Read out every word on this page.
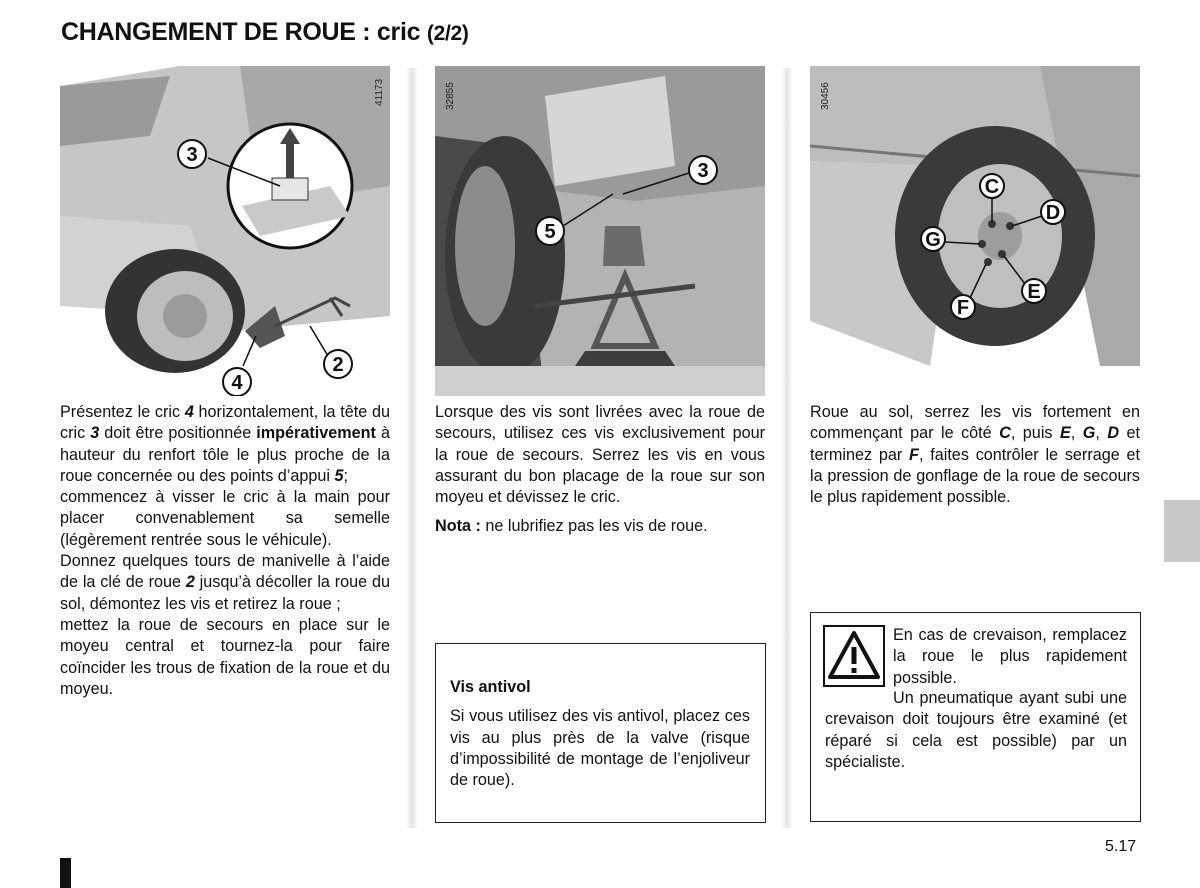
CHANGEMENT DE ROUE : cric (2/2)
41173
3
4
2
32855
3
5
30456
C
D
G
E
F

Présentez le cric 4 horizontalement, la tête du cric 3 doit être positionnée impérativement à hauteur du renfort tôle le plus proche de la roue concernée ou des points d’appui 5;

commencez à visser le cric à la main pour placer convenablement sa semelle (légèrement rentrée sous le véhicule).

Donnez quelques tours de manivelle à l’aide de la clé de roue 2 jusqu’à décoller la roue du sol, démontez les vis et retirez la roue ;

mettez la roue de secours en place sur le moyeu central et tournez-la pour faire coïncider les trous de fixation de la roue et du moyeu.

Lorsque des vis sont livrées avec la roue de secours, utilisez ces vis exclusivement pour la roue de secours. Serrez les vis en vous assurant du bon placage de la roue sur son moyeu et dévissez le cric.

Nota : ne lubrifiez pas les vis de roue.

Vis antivol

Si vous utilisez des vis antivol, placez ces vis au plus près de la valve (risque d’impossibilité de montage de l’enjoliveur de roue).

Roue au sol, serrez les vis fortement en commençant par le côté C, puis E, G, D et terminez par F, faites contrôler le serrage et la pression de gonflage de la roue de secours le plus rapidement possible.

En cas de crevaison, remplacez la roue le plus rapidement possible.

Un pneumatique ayant subi une crevaison doit toujours être examiné (et réparé si cela est possible) par un spécialiste.

5.17
